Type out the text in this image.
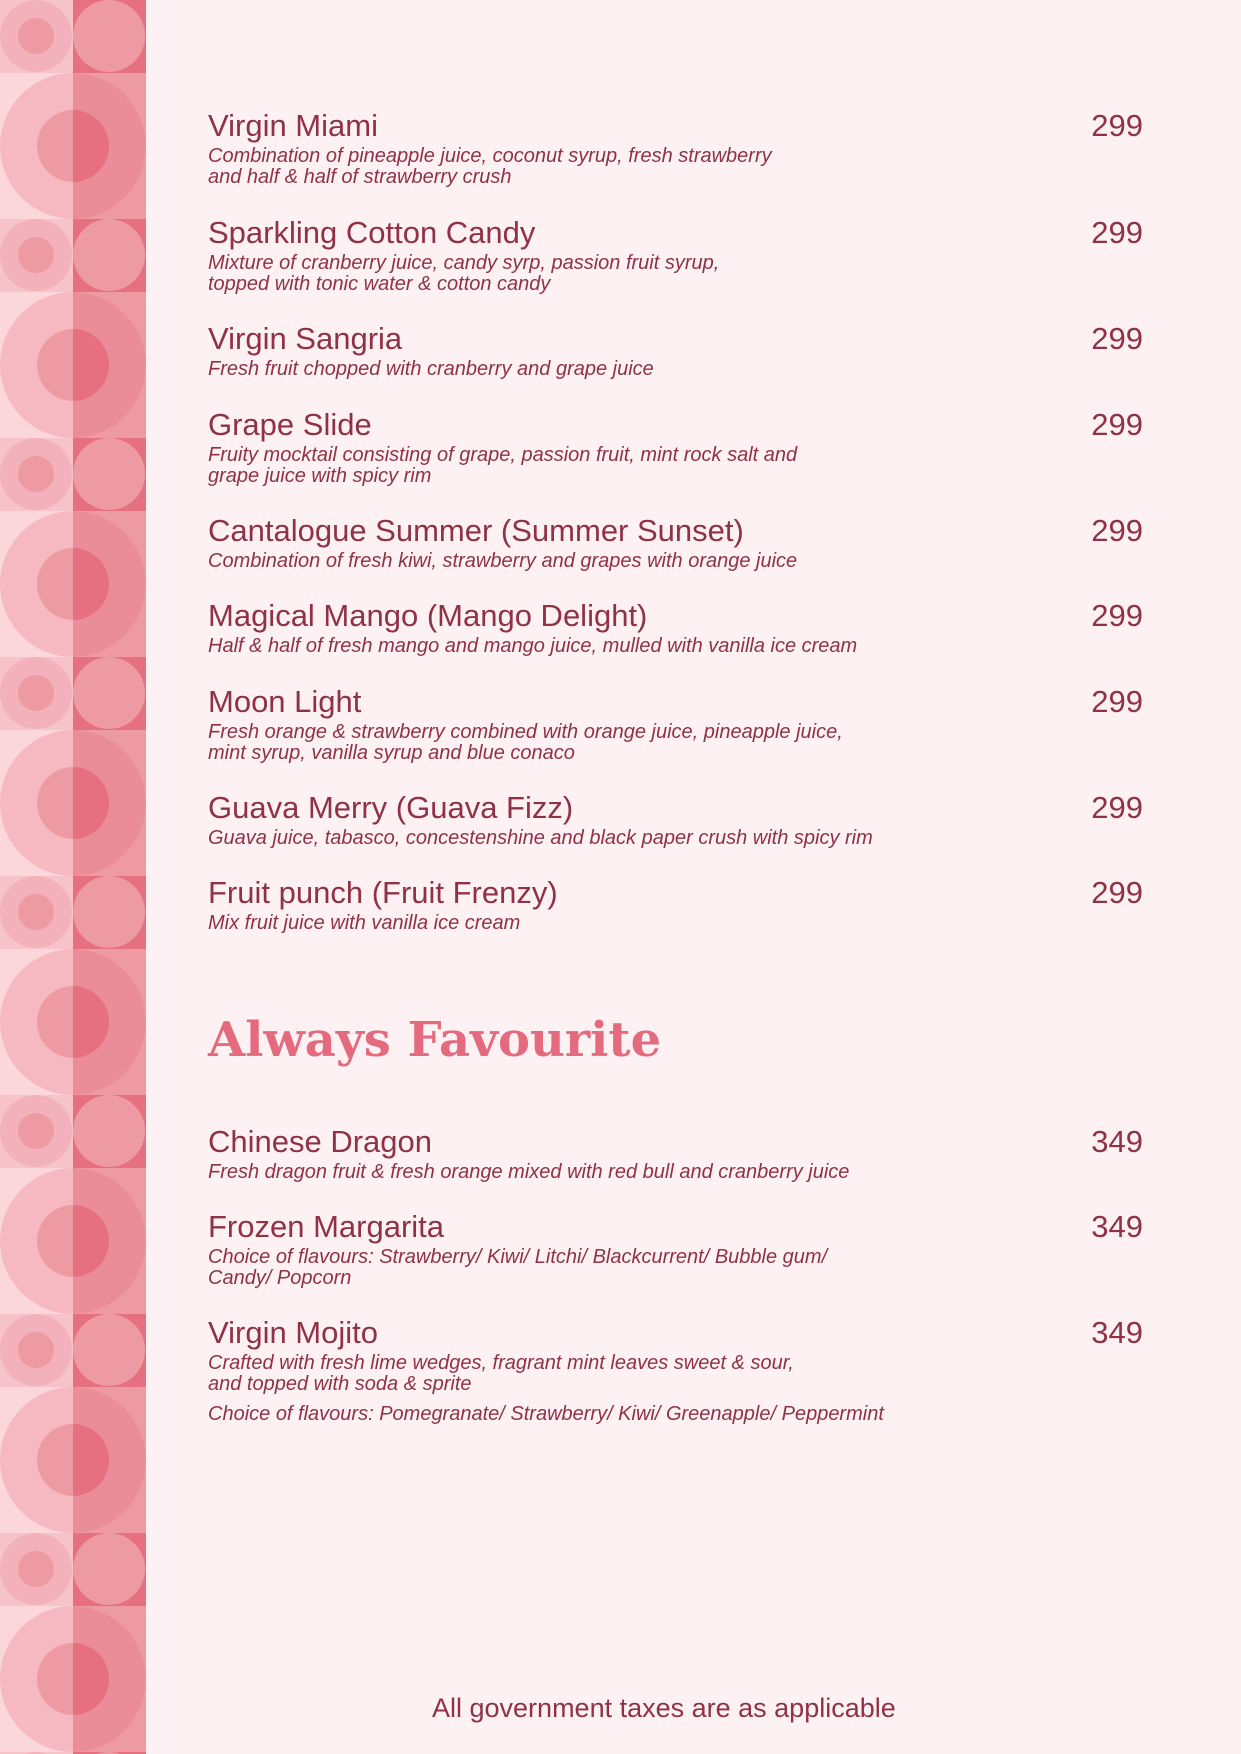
Virgin Miami	299
Combination of pineapple juice, coconut syrup, fresh strawberry
and half & half of strawberry crush
Sparkling Cotton Candy	299
Mixture of cranberry juice, candy syrp, passion fruit syrup,
topped with tonic water & cotton candy
Virgin Sangria	299
Fresh fruit chopped with cranberry and grape juice
Grape Slide	299
Fruity mocktail consisting of grape, passion fruit, mint rock salt and
grape juice with spicy rim
Cantalogue Summer (Summer Sunset)	299
Combination of fresh kiwi, strawberry and grapes with orange juice
Magical Mango (Mango Delight)	299
Half & half of fresh mango and mango juice, mulled with vanilla ice cream
Moon Light	299
Fresh orange & strawberry combined with orange juice, pineapple juice,
mint syrup, vanilla syrup and blue conaco
Guava Merry (Guava Fizz)	299
Guava juice, tabasco, concestenshine and black paper crush with spicy rim
Fruit punch (Fruit Frenzy)	299
Mix fruit juice with vanilla ice cream
Always Favourite
Chinese Dragon	349
Fresh dragon fruit & fresh orange mixed with red bull and cranberry juice
Frozen Margarita	349
Choice of flavours: Strawberry/ Kiwi/ Litchi/ Blackcurrent/ Bubble gum/
Candy/ Popcorn
Virgin Mojito	349
Crafted with fresh lime wedges, fragrant mint leaves sweet & sour,
and topped with soda & sprite
Choice of flavours: Pomegranate/ Strawberry/ Kiwi/ Greenapple/ Peppermint
All government taxes are as applicable
